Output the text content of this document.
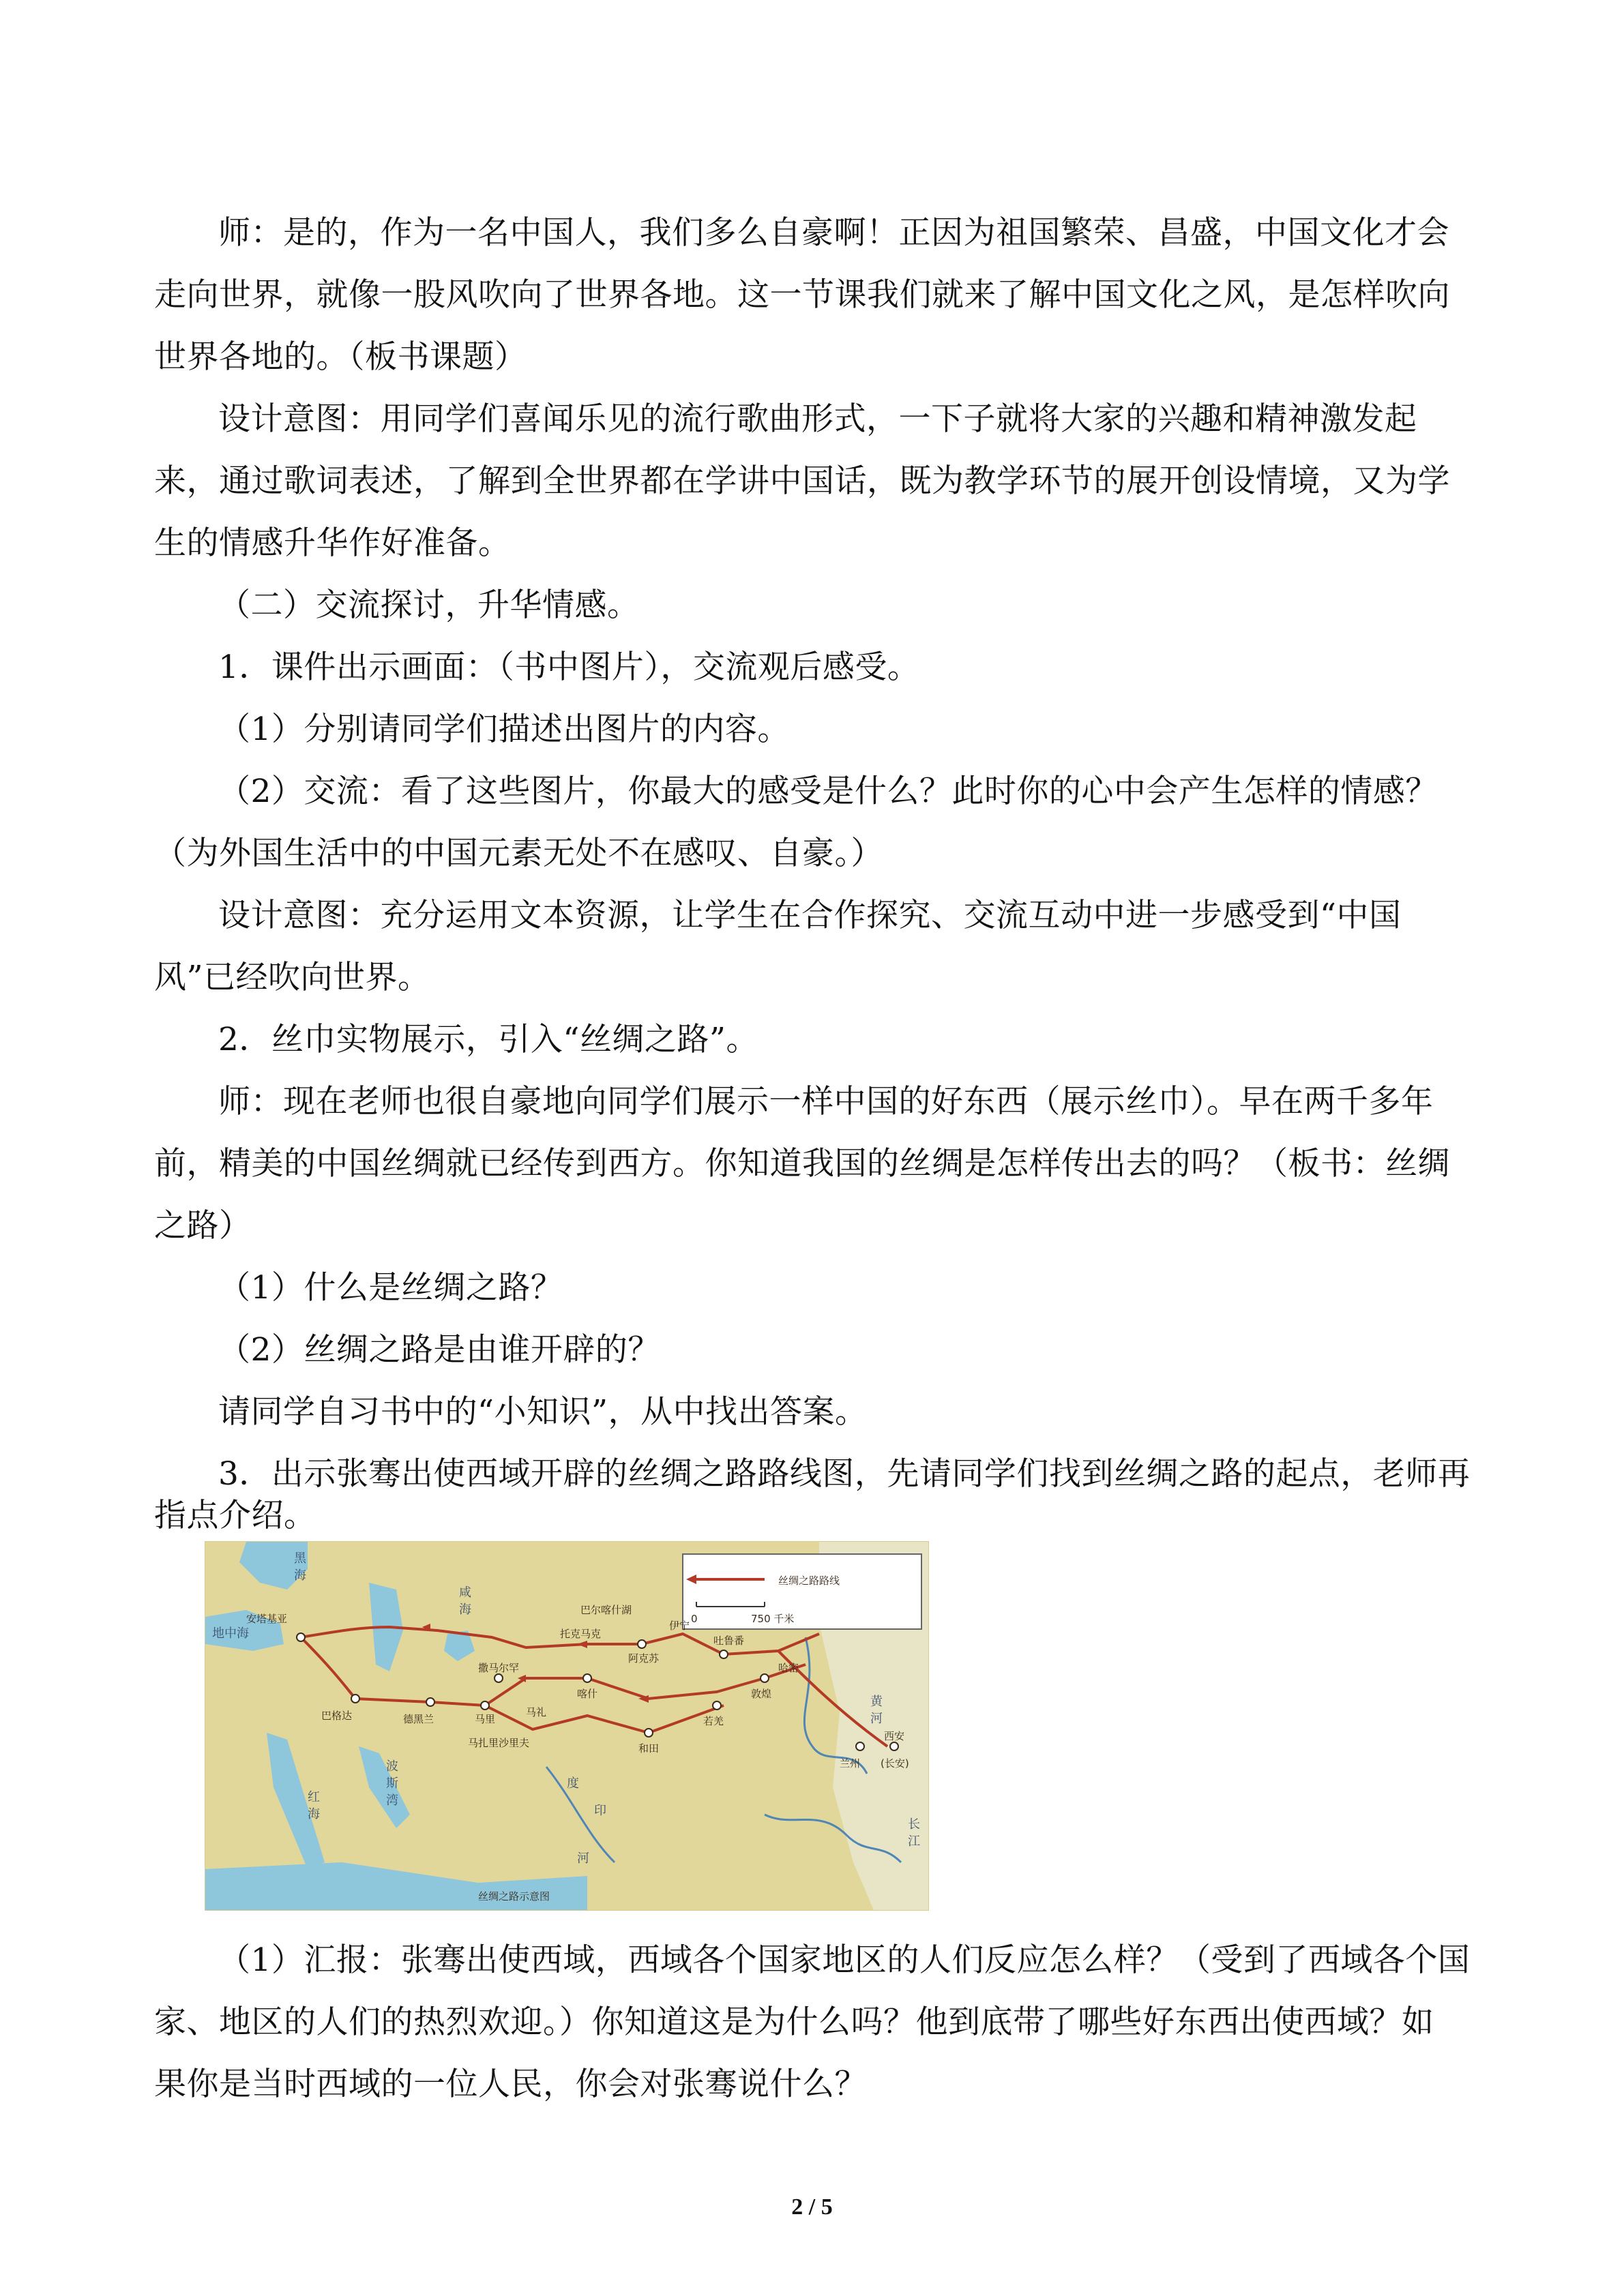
师：是的，作为一名中国人，我们多么自豪啊！正因为祖国繁荣、昌盛，中国文化才会
走向世界，就像一股风吹向了世界各地。这一节课我们就来了解中国文化之风，是怎样吹向
世界各地的。（板书课题）
设计意图：用同学们喜闻乐见的流行歌曲形式，一下子就将大家的兴趣和精神激发起
来，通过歌词表述，了解到全世界都在学讲中国话，既为教学环节的展开创设情境，又为学
生的情感升华作好准备。
（二）交流探讨，升华情感。
1．课件出示画面：（书中图片），交流观后感受。
（1）分别请同学们描述出图片的内容。
（2）交流：看了这些图片，你最大的感受是什么？此时你的心中会产生怎样的情感？
（为外国生活中的中国元素无处不在感叹、自豪。）
设计意图：充分运用文本资源，让学生在合作探究、交流互动中进一步感受到“中国
风”已经吹向世界。
2．丝巾实物展示，引入“丝绸之路”。
师：现在老师也很自豪地向同学们展示一样中国的好东西（展示丝巾）。早在两千多年
前，精美的中国丝绸就已经传到西方。你知道我国的丝绸是怎样传出去的吗？（板书：丝绸
之路）
（1）什么是丝绸之路？
（2）丝绸之路是由谁开辟的？
请同学自习书中的“小知识”，从中找出答案。
3．出示张骞出使西域开辟的丝绸之路路线图，先请同学们找到丝绸之路的起点，老师再
指点介绍。
丝绸之路路线
0	750 千米
安塔基亚
巴格达	德黑兰
撒马尔罕
马里
马礼
马扎里沙里夫
喀什
阿克苏
伊宁
巴尔喀什湖
托克马克
吐鲁番
哈密
敦煌
若羌
和田
兰州
西安
(长安)
黑
海
地中海
咸
海
黄
河
长
江
印
度
河
波
斯
湾
红
海
丝绸之路示意图
（1）汇报：张骞出使西域，西域各个国家地区的人们反应怎么样？（受到了西域各个国
家、地区的人们的热烈欢迎。）你知道这是为什么吗？他到底带了哪些好东西出使西域？如
果你是当时西域的一位人民，你会对张骞说什么？
2 / 5
